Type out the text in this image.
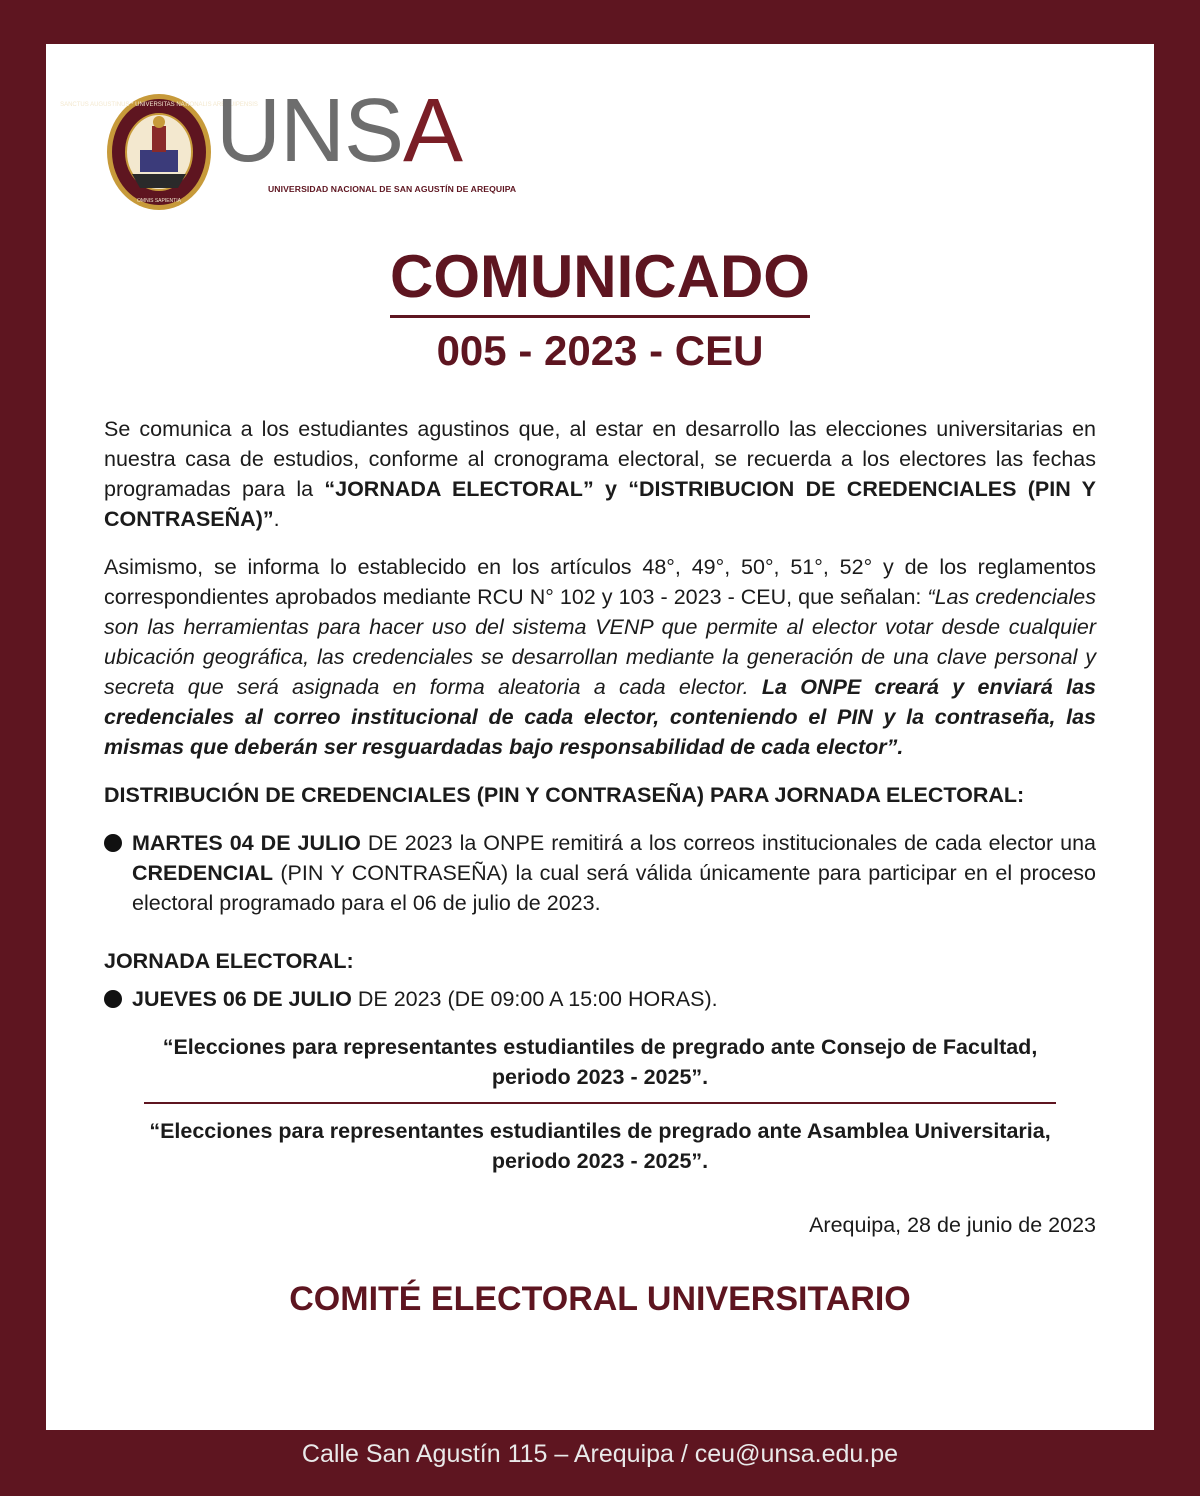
SANCTUS AUGUSTINUS * UNIVERSITAS NATIONALIS AREQUIPENSIS
OMNIS SAPIENTIA
UNSA
UNIVERSIDAD NACIONAL DE SAN AGUSTÍN DE AREQUIPA
COMUNICADO
005 - 2023 - CEU

Se comunica a los estudiantes agustinos que, al estar en desarrollo las elecciones universitarias en nuestra casa de estudios, conforme al cronograma electoral, se recuerda a los electores las fechas programadas para la “JORNADA ELECTORAL” y “DISTRIBUCION DE CREDENCIALES (PIN Y CONTRASEÑA)”.

Asimismo, se informa lo establecido en los artículos 48°, 49°, 50°, 51°, 52° y de los reglamentos correspondientes aprobados mediante RCU N° 102 y 103 - 2023 - CEU, que señalan: “Las credenciales son las herramientas para hacer uso del sistema VENP que permite al elector votar desde cualquier ubicación geográfica, las credenciales se desarrollan mediante la generación de una clave personal y secreta que será asignada en forma aleatoria a cada elector. La ONPE creará y enviará las credenciales al correo institucional de cada elector, conteniendo el PIN y la contraseña, las mismas que deberán ser resguardadas bajo responsabilidad de cada elector”.

DISTRIBUCIÓN DE CREDENCIALES (PIN Y CONTRASEÑA) PARA JORNADA ELECTORAL:

MARTES 04 DE JULIO DE 2023 la ONPE remitirá a los correos institucionales de cada elector una CREDENCIAL (PIN Y CONTRASEÑA) la cual será válida únicamente para participar en el proceso electoral programado para el 06 de julio de 2023.

JORNADA ELECTORAL:

JUEVES 06 DE JULIO DE 2023 (DE 09:00 A 15:00 HORAS).
“Elecciones para representantes estudiantiles de pregrado ante Consejo de Facultad, periodo 2023 - 2025”.
“Elecciones para representantes estudiantiles de pregrado ante Asamblea Universitaria, periodo 2023 - 2025”.
Arequipa, 28 de junio de 2023
COMITÉ ELECTORAL UNIVERSITARIO
Calle San Agustín 115 – Arequipa / ceu@unsa.edu.pe
